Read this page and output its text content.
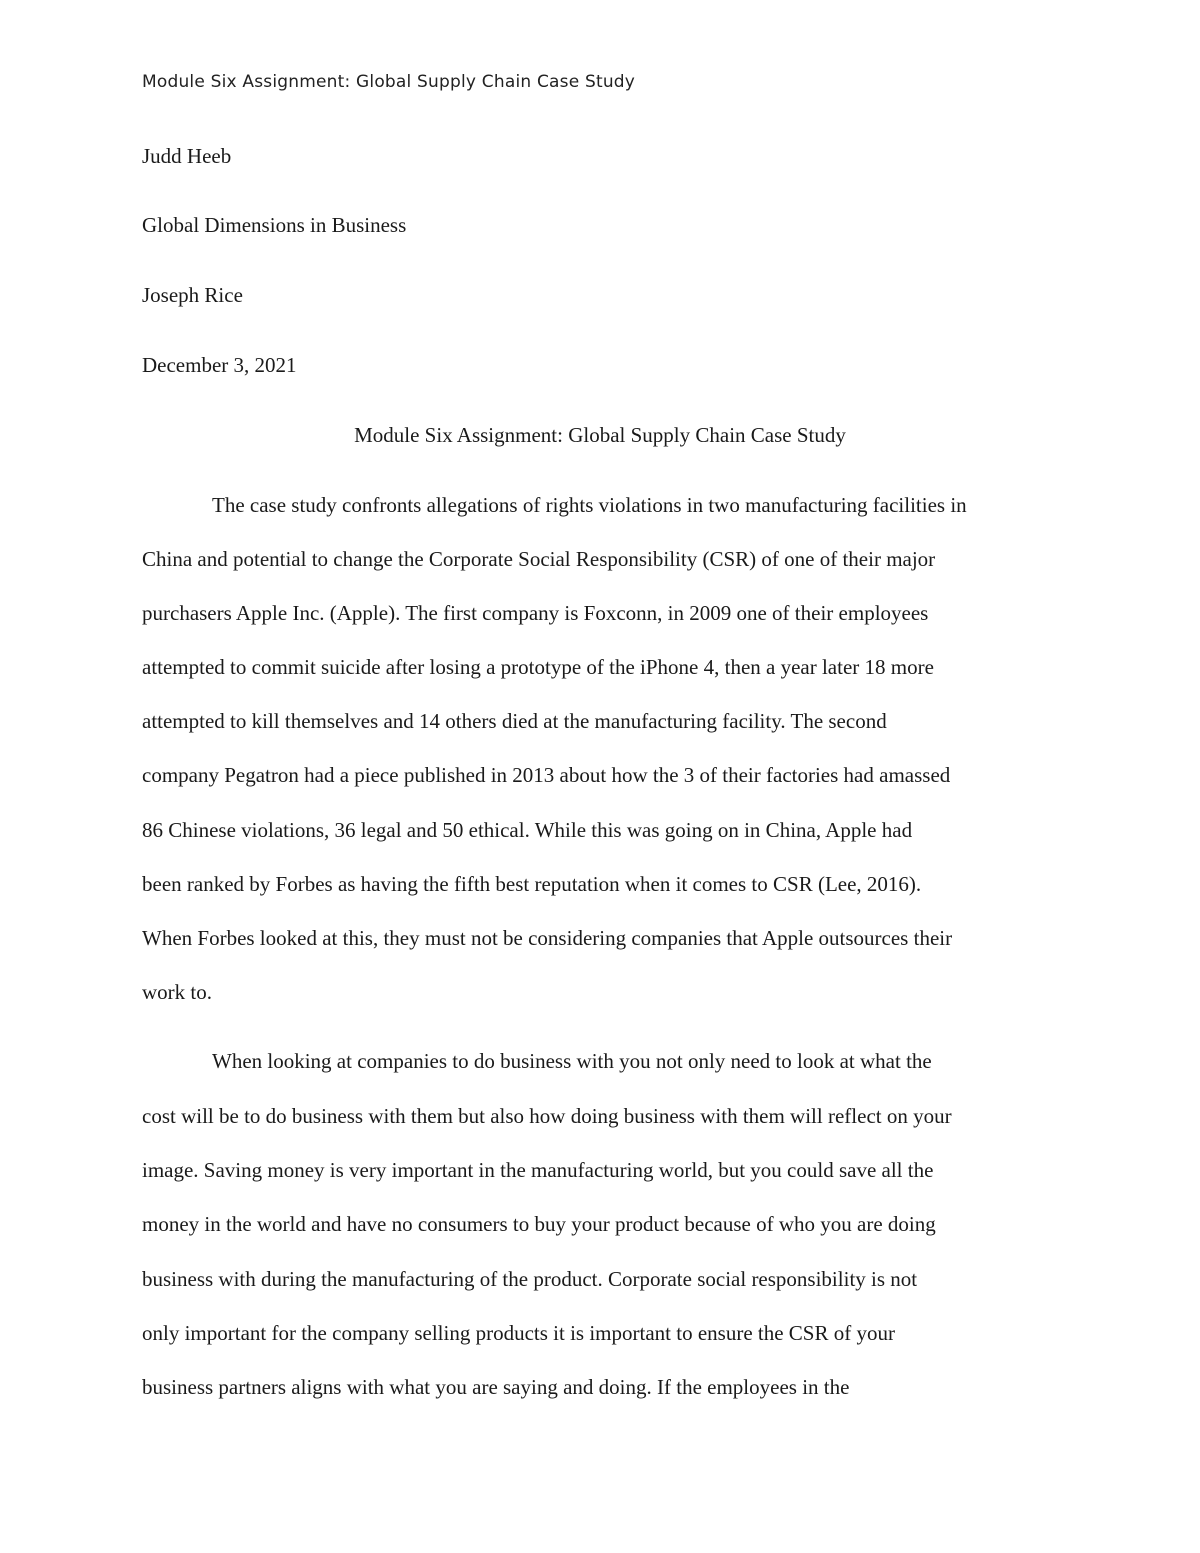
Module Six Assignment: Global Supply Chain Case Study
Judd Heeb
Global Dimensions in Business
Joseph Rice
December 3, 2021
Module Six Assignment: Global Supply Chain Case Study
The case study confronts allegations of rights violations in two manufacturing facilities in
China and potential to change the Corporate Social Responsibility (CSR) of one of their major
purchasers Apple Inc. (Apple). The first company is Foxconn, in 2009 one of their employees
attempted to commit suicide after losing a prototype of the iPhone 4, then a year later 18 more
attempted to kill themselves and 14 others died at the manufacturing facility. The second
company Pegatron had a piece published in 2013 about how the 3 of their factories had amassed
86 Chinese violations, 36 legal and 50 ethical. While this was going on in China, Apple had
been ranked by Forbes as having the fifth best reputation when it comes to CSR (Lee, 2016).
When Forbes looked at this, they must not be considering companies that Apple outsources their
work to.
When looking at companies to do business with you not only need to look at what the
cost will be to do business with them but also how doing business with them will reflect on your
image. Saving money is very important in the manufacturing world, but you could save all the
money in the world and have no consumers to buy your product because of who you are doing
business with during the manufacturing of the product. Corporate social responsibility is not
only important for the company selling products it is important to ensure the CSR of your
business partners aligns with what you are saying and doing. If the employees in the
